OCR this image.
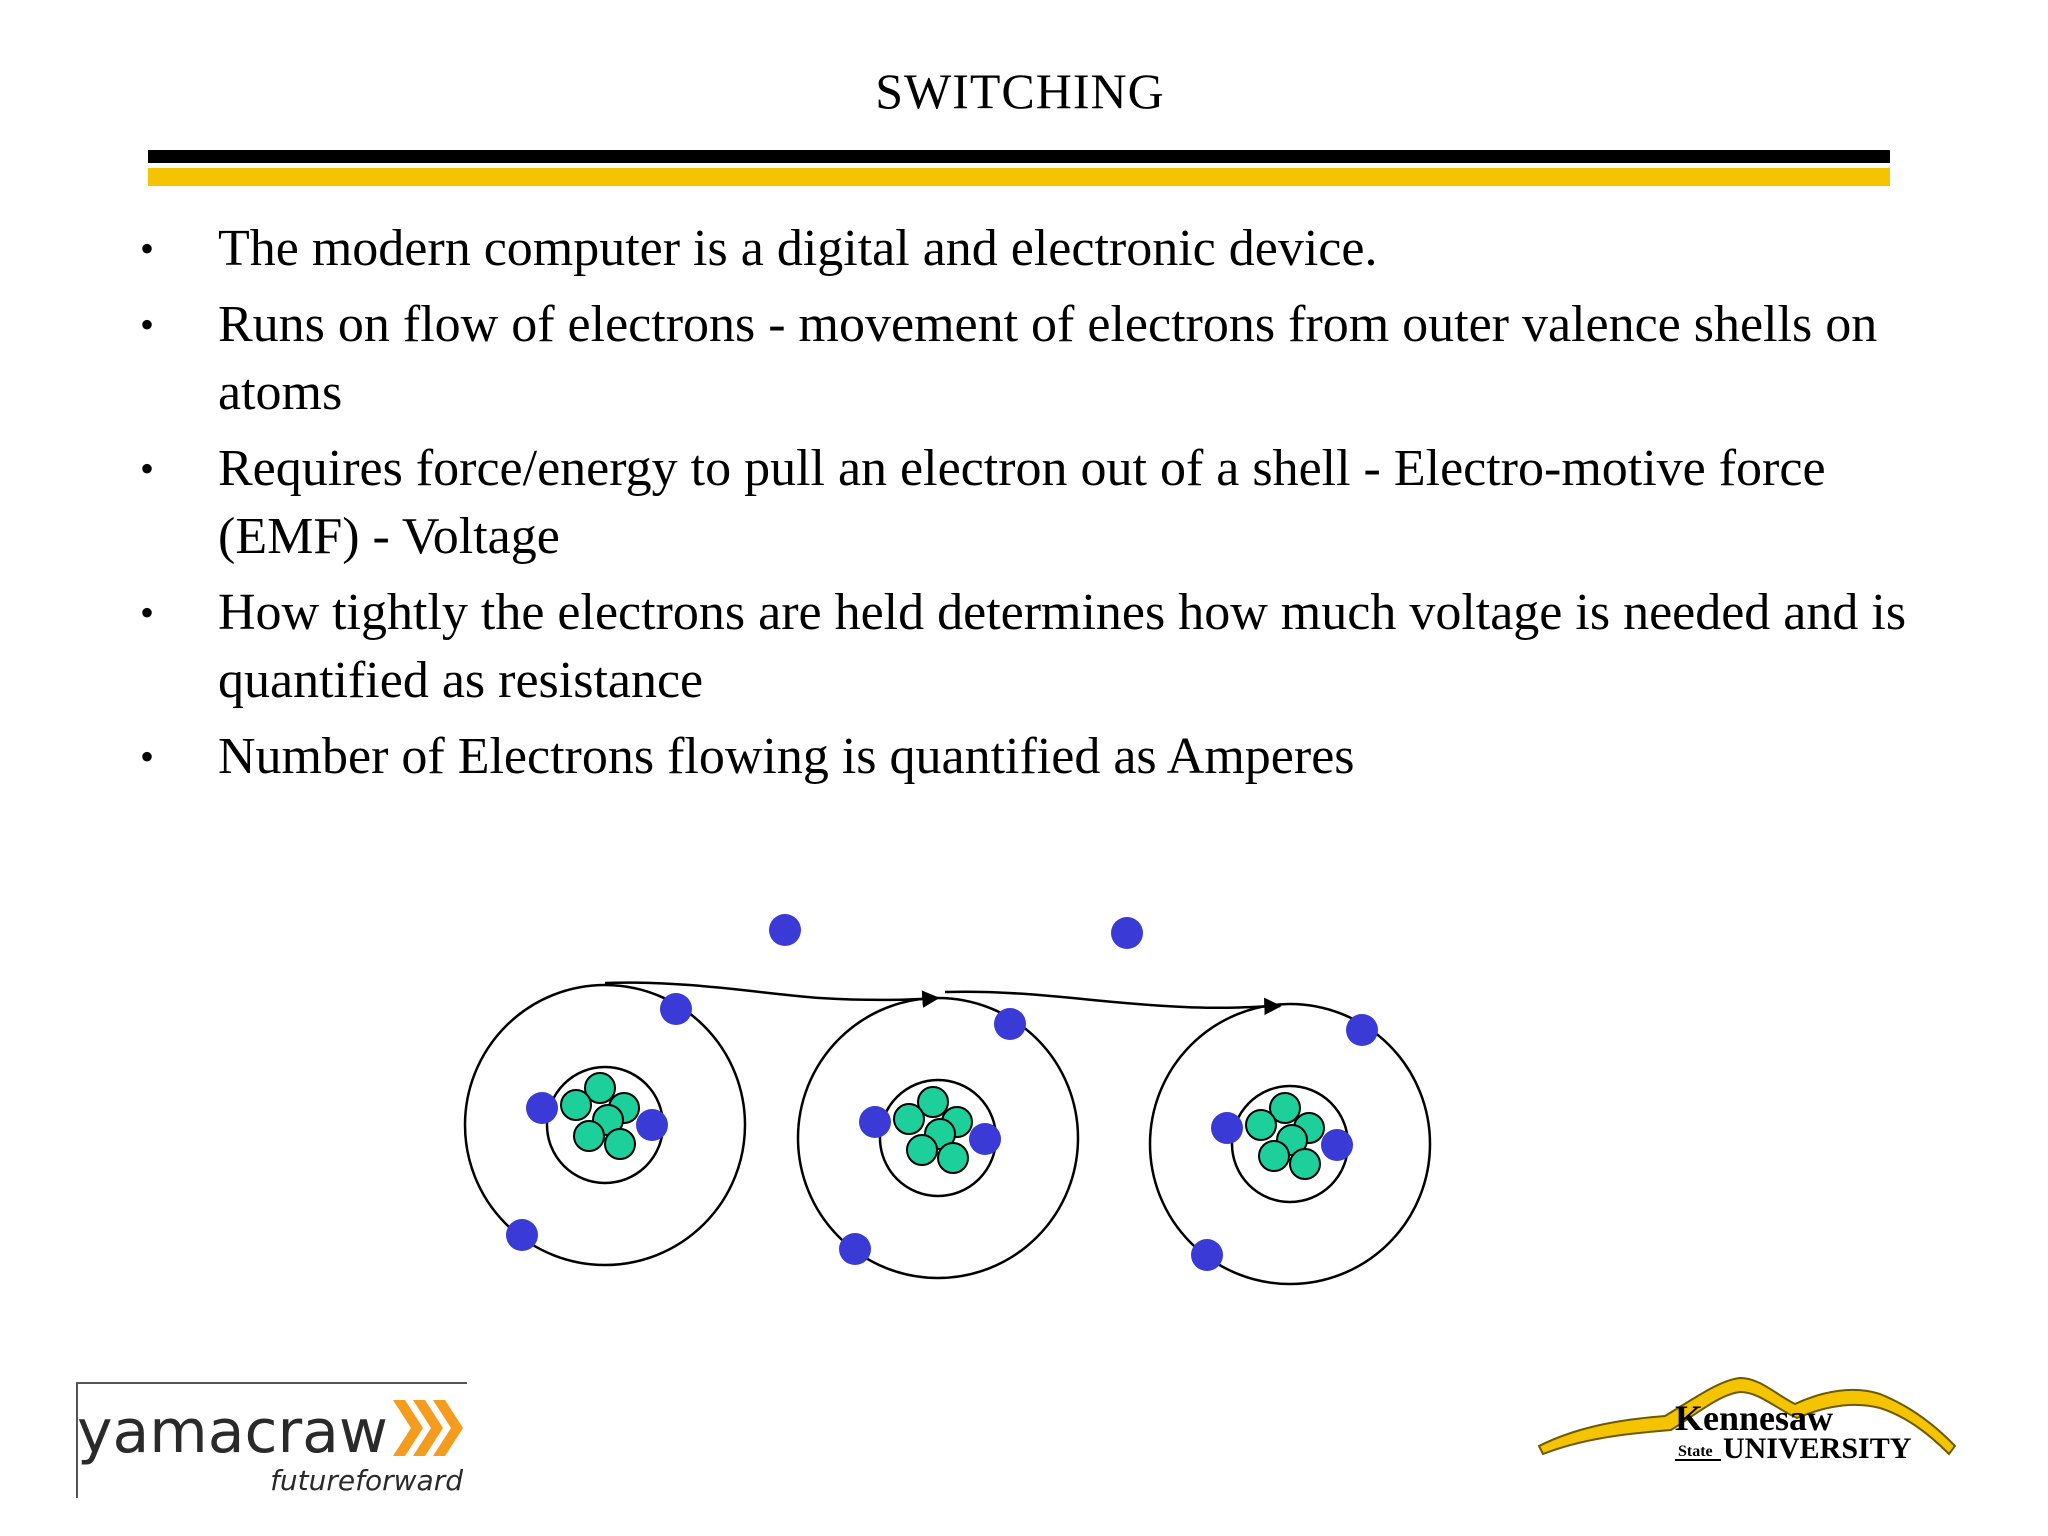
SWITCHING
• The modern computer is a digital and electronic device.
• Runs on flow of electrons - movement of electrons from outer valence shells on atoms
• Requires force/energy to pull an electron out of a shell - Electro-motive force (EMF) - Voltage
• How tightly the electrons are held determines how much voltage is needed and is quantified as resistance
• Number of Electrons flowing is quantified as Amperes
yamacraw
futureforward
Kennesaw
State UNIVERSITY
